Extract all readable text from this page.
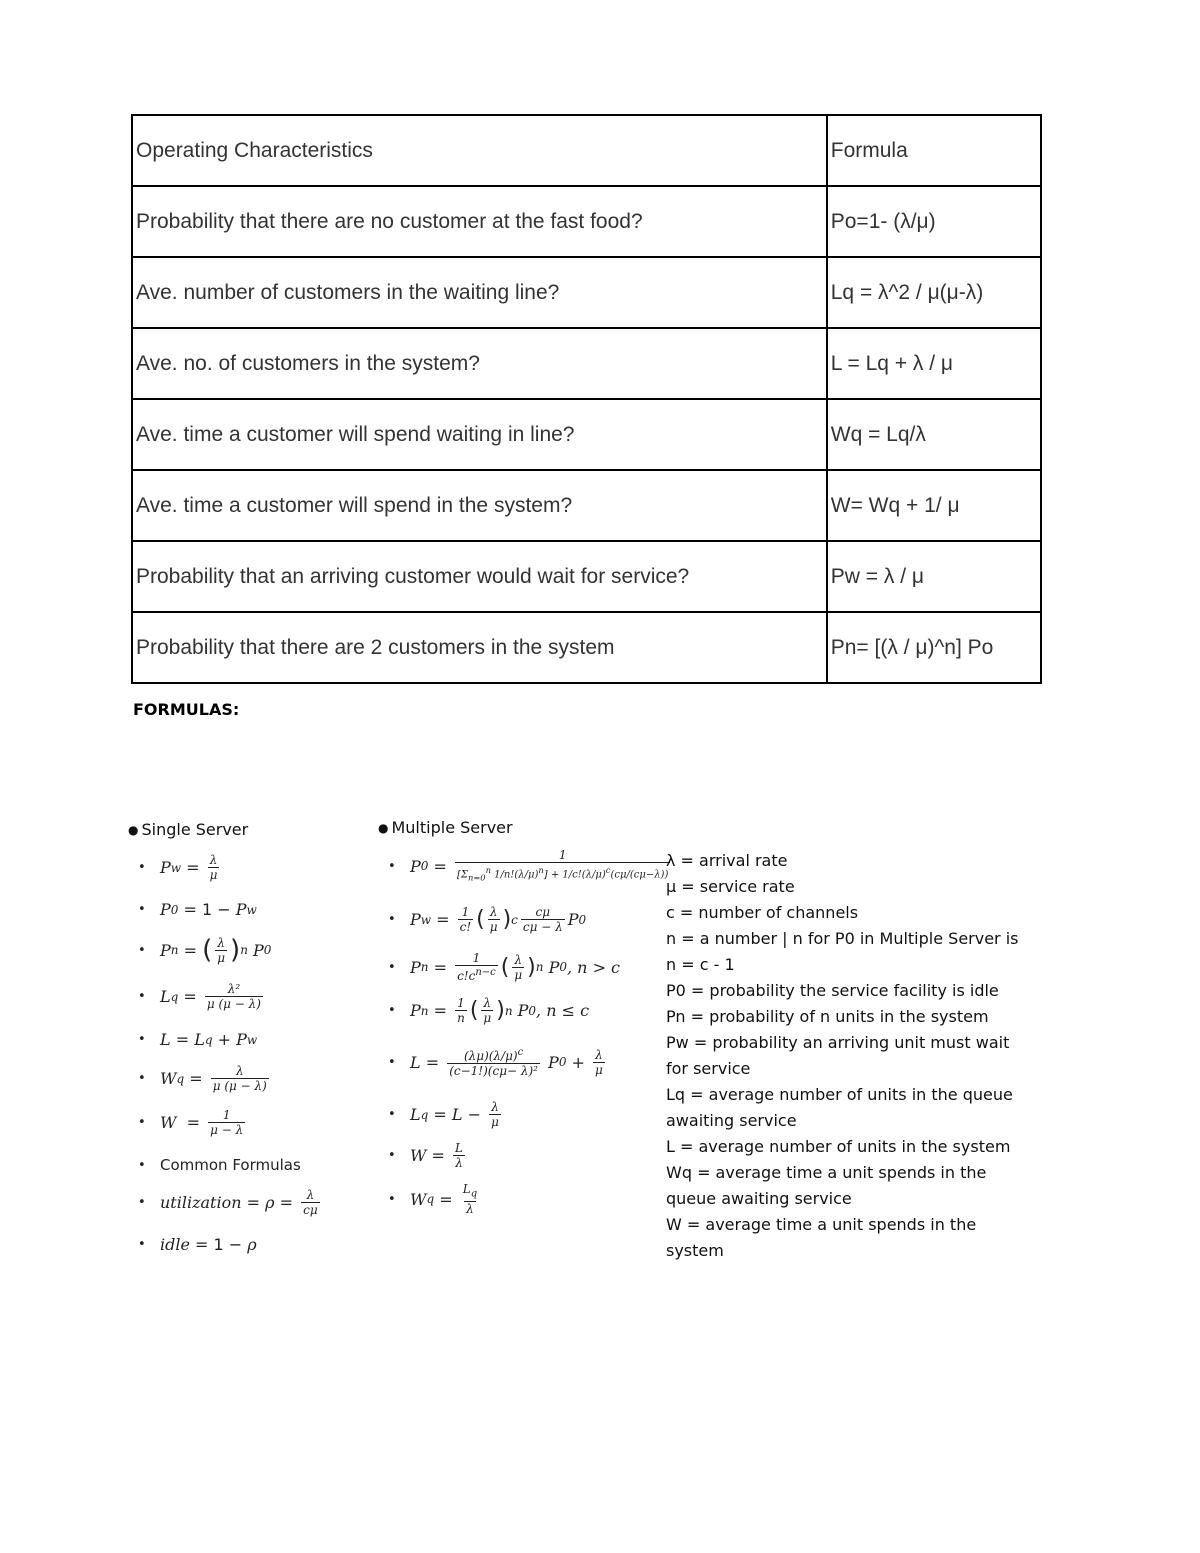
Operating Characteristics	Formula
Probability that there are no customer at the fast food?	Po=1- (λ/μ)
Ave. number of customers in the waiting line?	Lq = λ^2 / μ(μ-λ)
Ave. no. of customers in the system?	L = Lq + λ / μ
Ave. time a customer will spend waiting in line?	Wq = Lq/λ
Ave. time a customer will spend in the system?	W= Wq + 1/ μ
Probability that an arriving customer would wait for service?	Pw = λ / μ
Probability that there are 2 customers in the system	Pn= [(λ / μ)^n] Po
FORMULAS:
● Single Server
• P $w = \frac{\lambda}{\mu}$
• P 0 = 1 − P w
• P n = ( $\frac{\lambda}{\mu}$ ) n P 0
• L $q = \frac{\text{λ²}}{\mu (\mu - \lambda)}$
• L = L q + P w
• W $q = \frac{\lambda}{\mu (\mu - \lambda)}$
• $W = \frac{1}{\mu - \lambda}$
• Common Formulas
• utilization = $\rho = \frac{\lambda}{c\mu}$
• idle = 1 − ρ
● Multiple Server
• P $0 = \frac{1}{[\Sigma_{n=0}^n 1/n!(\lambda/\mu)^n] + 1/c!(\lambda/\mu)^c(c\mu/(c\mu-\lambda))}$
• P $w = \frac{1}{c!}$ ( $\frac{\lambda}{\mu}$ ) c $\frac{c\mu}{c\mu - \lambda}$ P 0
• P $n = \frac{1}{c!c^{n-c}}$ ( $\frac{\lambda}{\mu}$ ) n P 0 , n > c
• P $n = \frac{1}{n}$ ( $\frac{\lambda}{\mu}$ ) n P 0 , n ≤ c
• $L = \frac{(\lambda\mu)(\lambda/\mu)^c}{\text{(c−1!)(cμ− λ)²}}$ P $0 + \frac{\lambda}{\mu}$
• L $q = L - \frac{\lambda}{\mu}$
• $W = \frac{L}{\lambda}$
• W $q = \frac{L_q}{\lambda}$
λ = arrival rate
μ = service rate
c = number of channels
n = a number | n for P0 in Multiple Server is
n = c - 1
P0 = probability the service facility is idle
Pn = probability of n units in the system
Pw = probability an arriving unit must wait
for service
Lq = average number of units in the queue
awaiting service
L = average number of units in the system
Wq = average time a unit spends in the
queue awaiting service
W = average time a unit spends in the
system
